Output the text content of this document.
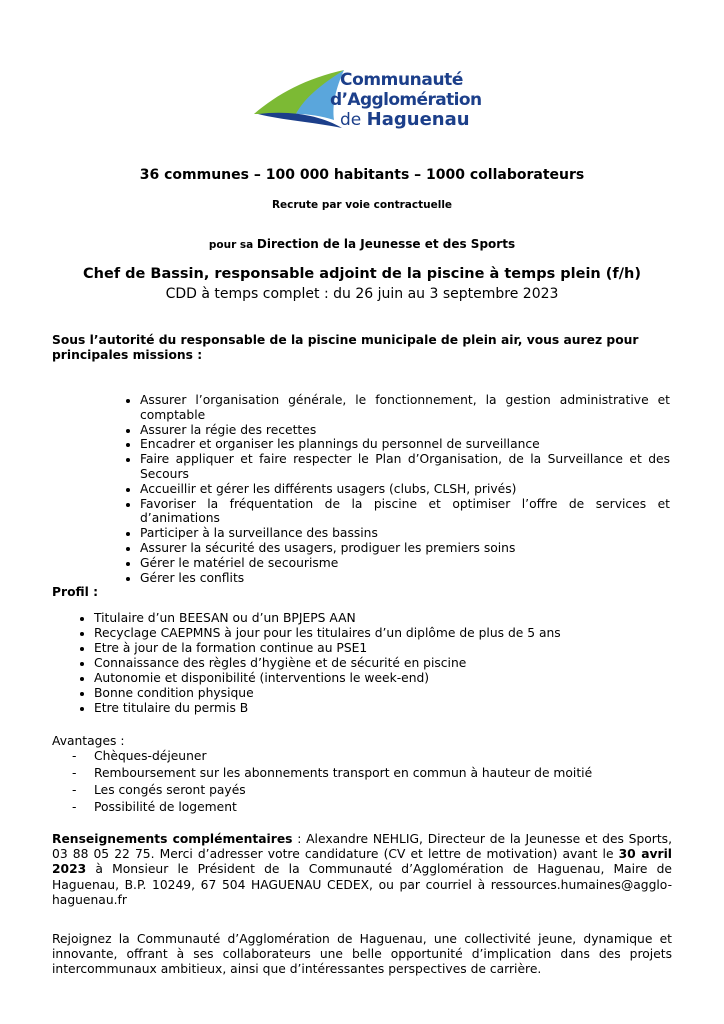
Communauté
d’Agglomération
de Haguenau
36 communes – 100 000 habitants – 1000 collaborateurs
Recrute par voie contractuelle
pour sa Direction de la Jeunesse et des Sports
Chef de Bassin, responsable adjoint de la piscine à temps plein (f/h)
CDD à temps complet : du 26 juin au 3 septembre 2023
Sous l’autorité du responsable de la piscine municipale de plein air, vous aurez pour principales missions :
• Assurer l’organisation générale, le fonctionnement, la gestion administrative et comptable
• Assurer la régie des recettes
• Encadrer et organiser les plannings du personnel de surveillance
• Faire appliquer et faire respecter le Plan d’Organisation, de la Surveillance et des Secours
• Accueillir et gérer les différents usagers (clubs, CLSH, privés)
• Favoriser la fréquentation de la piscine et optimiser l’offre de services et d’animations
• Participer à la surveillance des bassins
• Assurer la sécurité des usagers, prodiguer les premiers soins
• Gérer le matériel de secourisme
• Gérer les conflits
Profil :
• Titulaire d’un BEESAN ou d’un BPJEPS AAN
• Recyclage CAEPMNS à jour pour les titulaires d’un diplôme de plus de 5 ans
• Etre à jour de la formation continue au PSE1
• Connaissance des règles d’hygiène et de sécurité en piscine
• Autonomie et disponibilité (interventions le week-end)
• Bonne condition physique
• Etre titulaire du permis B
Avantages :
- Chèques-déjeuner
- Remboursement sur les abonnements transport en commun à hauteur de moitié
- Les congés seront payés
- Possibilité de logement
Renseignements complémentaires : Alexandre NEHLIG, Directeur de la Jeunesse et des Sports, 03 88 05 22 75. Merci d’adresser votre candidature (CV et lettre de motivation) avant le 30 avril 2023 à Monsieur le Président de la Communauté d’Agglomération de Haguenau, Maire de Haguenau, B.P. 10249, 67 504 HAGUENAU CEDEX, ou par courriel à ressources.humaines@agglo-haguenau.fr
Rejoignez la Communauté d’Agglomération de Haguenau, une collectivité jeune, dynamique et innovante, offrant à ses collaborateurs une belle opportunité d’implication dans des projets intercommunaux ambitieux, ainsi que d’intéressantes perspectives de carrière.
